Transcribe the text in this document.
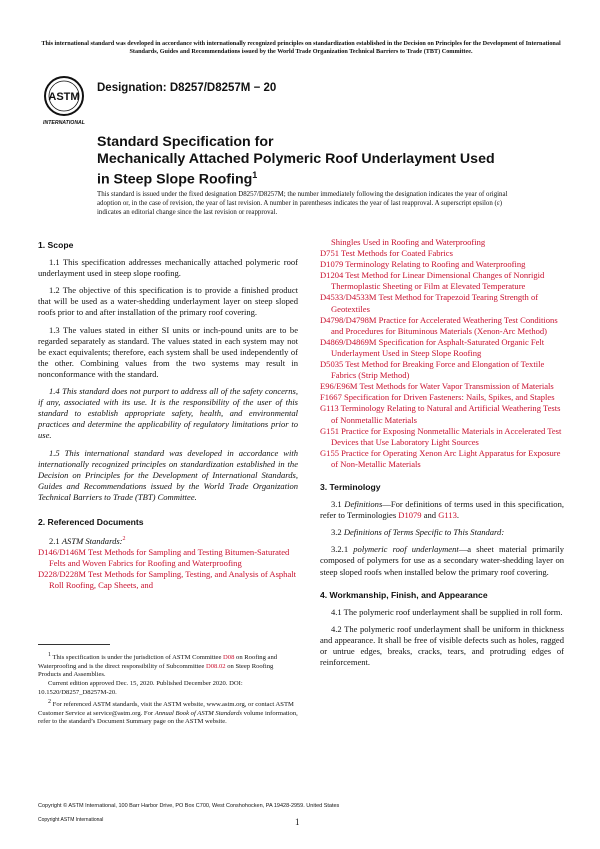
This international standard was developed in accordance with internationally recognized principles on standardization established in the Decision on Principles for the Development of International Standards, Guides and Recommendations issued by the World Trade Organization Technical Barriers to Trade (TBT) Committee.
ASTM
INTERNATIONAL
Designation: D8257/D8257M − 20
Standard Specification for
Mechanically Attached Polymeric Roof Underlayment Used
in Steep Slope Roofing$^1$
This standard is issued under the fixed designation D8257/D8257M; the number immediately following the designation indicates the year of original adoption or, in the case of revision, the year of last revision. A number in parentheses indicates the year of last reapproval. A superscript epsilon (ε) indicates an editorial change since the last revision or reapproval.
1. Scope

1.1 This specification addresses mechanically attached polymeric roof underlayment used in steep slope roofing.

1.2 The objective of this specification is to provide a finished product that will be used as a water-shedding underlayment layer on steep sloped roofs prior to and after installation of the primary roof covering.

1.3 The values stated in either SI units or inch-pound units are to be regarded separately as standard. The values stated in each system may not be exact equivalents; therefore, each system shall be used independently of the other. Combining values from the two systems may result in nonconformance with the standard.

1.4 This standard does not purport to address all of the safety concerns, if any, associated with its use. It is the responsibility of the user of this standard to establish appropriate safety, health, and environmental practices and determine the applicability of regulatory limitations prior to use.

1.5 This international standard was developed in accordance with internationally recognized principles on standardization established in the Decision on Principles for the Development of International Standards, Guides and Recommendations issued by the World Trade Organization Technical Barriers to Trade (TBT) Committee.

2. Referenced Documents

2.1 ASTM Standards:$^2$

D146/D146M Test Methods for Sampling and Testing Bitumen-Saturated Felts and Woven Fabrics for Roofing and Waterproofing

D228/D228M Test Methods for Sampling, Testing, and Analysis of Asphalt Roll Roofing, Cap Sheets, and

$^1$ This specification is under the jurisdiction of ASTM Committee D08 on Roofing and Waterproofing and is the direct responsibility of Subcommittee D08.02 on Steep Roofing Products and Assemblies.

Current edition approved Dec. 15, 2020. Published December 2020. DOI: 10.1520/D8257_D8257M-20.

$^2$ For referenced ASTM standards, visit the ASTM website, www.astm.org, or contact ASTM Customer Service at service@astm.org. For Annual Book of ASTM Standards volume information, refer to the standard’s Document Summary page on the ASTM website.

Shingles Used in Roofing and Waterproofing

D751 Test Methods for Coated Fabrics

D1079 Terminology Relating to Roofing and Waterproofing

D1204 Test Method for Linear Dimensional Changes of Nonrigid Thermoplastic Sheeting or Film at Elevated Temperature

D4533/D4533M Test Method for Trapezoid Tearing Strength of Geotextiles

D4798/D4798M Practice for Accelerated Weathering Test Conditions and Procedures for Bituminous Materials (Xenon-Arc Method)

D4869/D4869M Specification for Asphalt-Saturated Organic Felt Underlayment Used in Steep Slope Roofing

D5035 Test Method for Breaking Force and Elongation of Textile Fabrics (Strip Method)

E96/E96M Test Methods for Water Vapor Transmission of Materials

F1667 Specification for Driven Fasteners: Nails, Spikes, and Staples

G113 Terminology Relating to Natural and Artificial Weathering Tests of Nonmetallic Materials

G151 Practice for Exposing Nonmetallic Materials in Accelerated Test Devices that Use Laboratory Light Sources

G155 Practice for Operating Xenon Arc Light Apparatus for Exposure of Non-Metallic Materials

3. Terminology

3.1 Definitions—For definitions of terms used in this specification, refer to Terminologies D1079 and G113.

3.2 Definitions of Terms Specific to This Standard:

3.2.1 polymeric roof underlayment—a sheet material primarily composed of polymers for use as a secondary water-shedding layer on steep sloped roofs when installed below the primary roof covering.

4. Workmanship, Finish, and Appearance

4.1 The polymeric roof underlayment shall be supplied in roll form.

4.2 The polymeric roof underlayment shall be uniform in thickness and appearance. It shall be free of visible defects such as holes, ragged or untrue edges, breaks, cracks, tears, and protruding edges of reinforcement.

Copyright © ASTM International, 100 Barr Harbor Drive, PO Box C700, West Conshohocken, PA 19428-2959. United States
Copyright ASTM International	1
